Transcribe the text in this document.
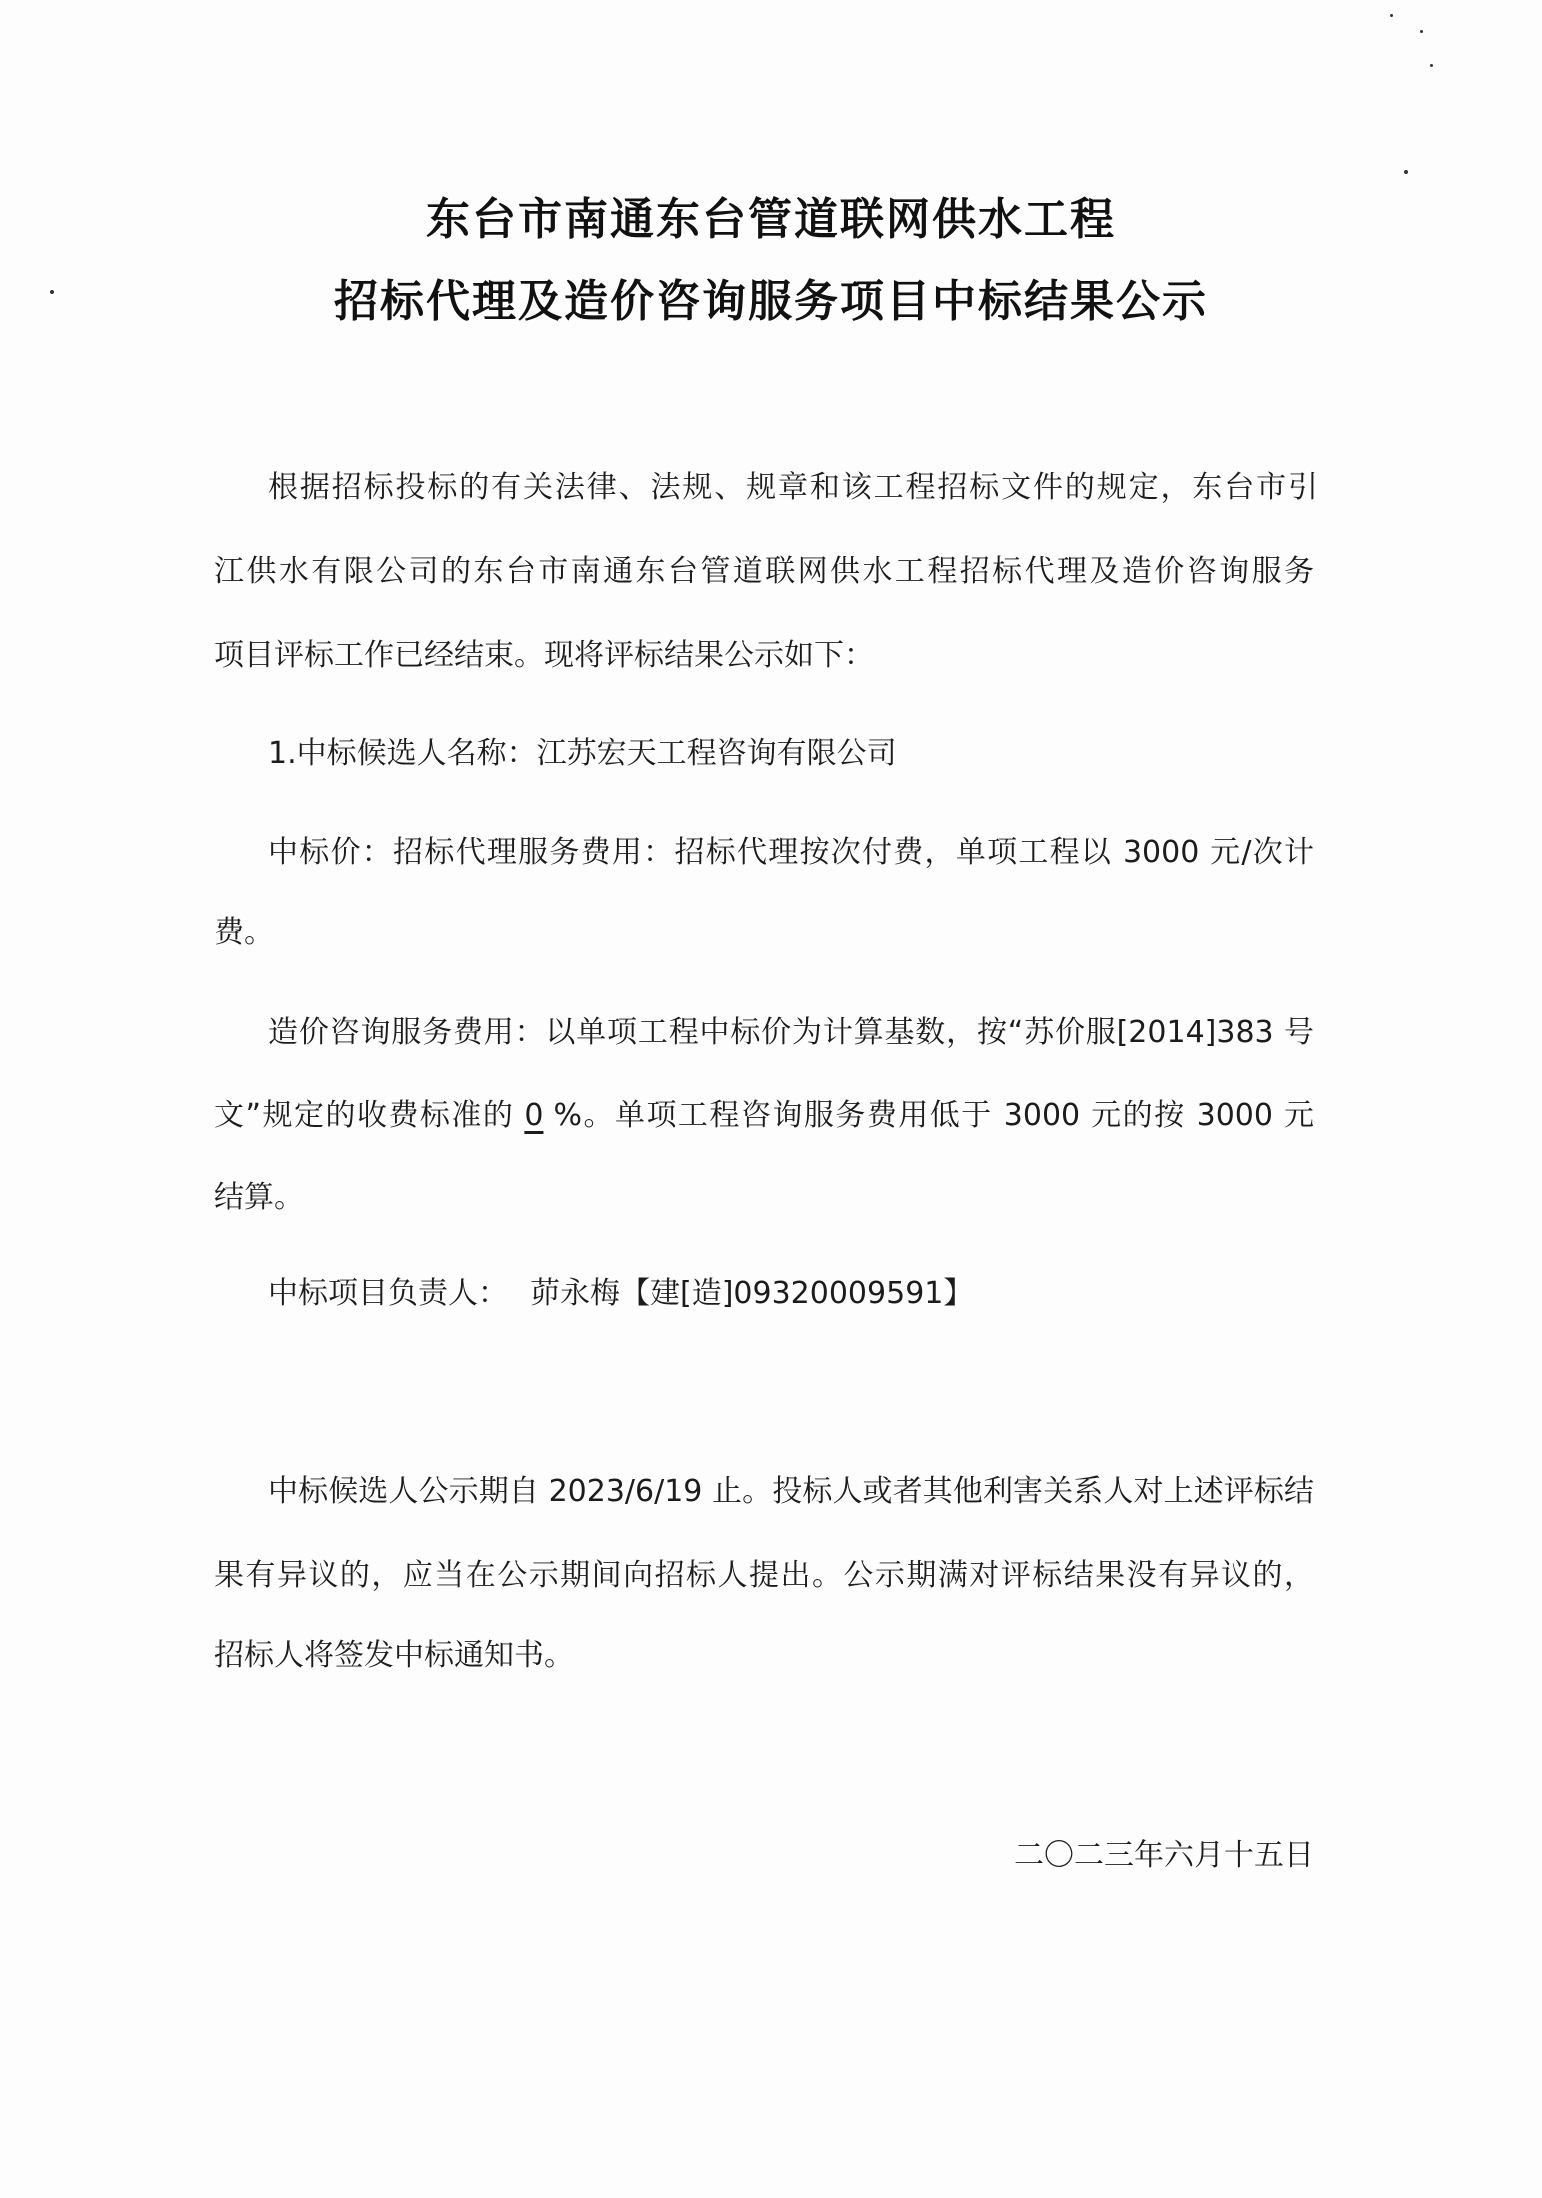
东台市南通东台管道联网供水工程
招标代理及造价咨询服务项目中标结果公示

根据招标投标的有关法律、法规、规章和该工程招标文件的规定，东台市引

江供水有限公司的东台市南通东台管道联网供水工程招标代理及造价咨询服务

项目评标工作已经结束。现将评标结果公示如下：

1.中标候选人名称：江苏宏天工程咨询有限公司

中标价：招标代理服务费用：招标代理按次付费，单项工程以 3000 元/次计

费。

造价咨询服务费用：以单项工程中标价为计算基数，按“苏价服[2014]383 号

文”规定的收费标准的 0 %。单项工程咨询服务费用低于 3000 元的按 3000 元

结算。

中标项目负责人： 茆永梅【建[造]09320009591】

中标候选人公示期自 2023/6/19 止。投标人或者其他利害关系人对上述评标结

果有异议的，应当在公示期间向招标人提出。公示期满对评标结果没有异议的，

招标人将签发中标通知书。

二〇二三年六月十五日
